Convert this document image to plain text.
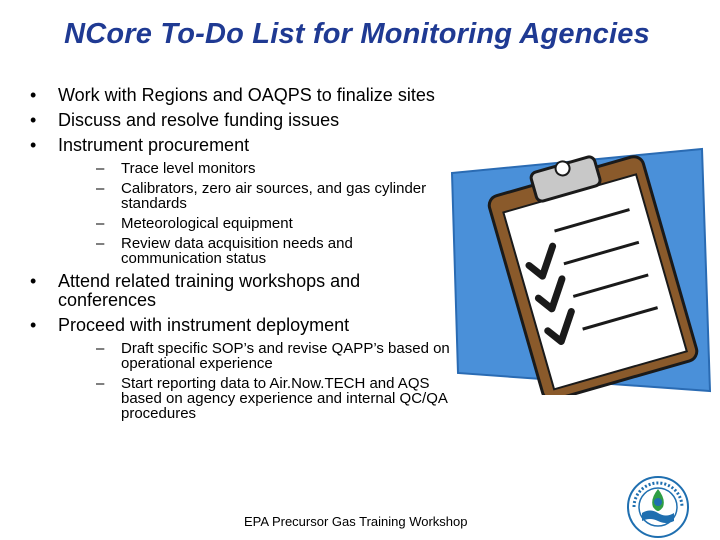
NCore To-Do List for Monitoring Agencies
• Work with Regions and OAQPS to finalize sites
• Discuss and resolve funding issues
• Instrument procurement
– Trace level monitors
– Calibrators, zero air sources, and gas cylinder standards
– Meteorological equipment
– Review data acquisition needs and communication status
• Attend related training workshops and conferences
• Proceed with instrument deployment
– Draft specific SOP’s and revise QAPP’s based on operational experience
– Start reporting data to Air.Now.TECH and AQS based on agency experience and internal QC/QA procedures
EPA Precursor Gas Training Workshop
